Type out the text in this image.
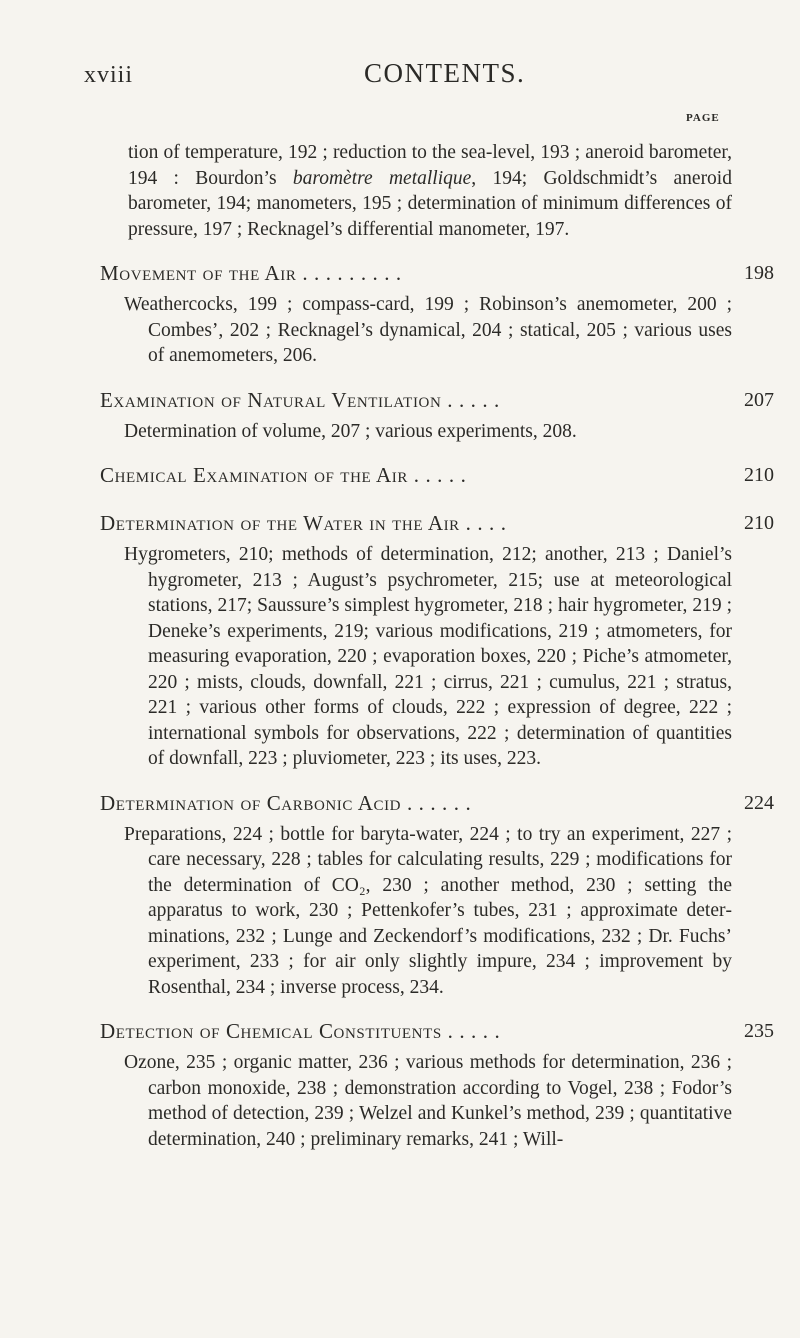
xviii	CONTENTS.
PAGE

tion of temperature, 192 ; reduction to the sea-level, 193 ; aneroid barometer, 194 : Bourdon’s baromètre metallique, 194; Goldschmidt’s aneroid barometer, 194; manometers, 195 ; determination of minimum differences of pressure, 197 ; Recknagel’s differential manometer, 197.

Movement of the Air . . . . . . . . .	198

Weathercocks, 199 ; compass-card, 199 ; Robinson’s anemometer, 200 ; Combes’, 202 ; Recknagel’s dynamical, 204 ; statical, 205 ; various uses of anemometers, 206.

Examination of Natural Ventilation . . . . .	207

Determination of volume, 207 ; various experiments, 208.

Chemical Examination of the Air . . . . .	210
Determination of the Water in the Air . . . .	210

Hygrometers, 210; methods of determination, 212; another, 213 ; Daniel’s hygrometer, 213 ; August’s psychrometer, 215; use at meteorological stations, 217; Saussure’s simplest hygrometer, 218 ; hair hygrometer, 219 ; Deneke’s experiments, 219; various modifications, 219 ; atmometers, for measuring evaporation, 220 ; evaporation boxes, 220 ; Piche’s atmometer, 220 ; mists, clouds, downfall, 221 ; cirrus, 221 ; cumulus, 221 ; stratus, 221 ; various other forms of clouds, 222 ; expression of degree, 222 ; international symbols for observations, 222 ; determination of quantities of downfall, 223 ; pluviometer, 223 ; its uses, 223.

Determination of Carbonic Acid . . . . . .	224

Preparations, 224 ; bottle for baryta-water, 224 ; to try an experiment, 227 ; care necessary, 228 ; tables for calculating results, 229 ; modifications for the determination of CO₂, 230 ; another method, 230 ; setting the apparatus to work, 230 ; Pettenkofer’s tubes, 231 ; approximate determinations, 232 ; Lunge and Zeckendorf’s modifications, 232 ; Dr. Fuchs’ experiment, 233 ; for air only slightly impure, 234 ; improvement by Rosenthal, 234 ; inverse process, 234.

Detection of Chemical Constituents . . . . .	235

Ozone, 235 ; organic matter, 236 ; various methods for determination, 236 ; carbon monoxide, 238 ; demonstration according to Vogel, 238 ; Fodor’s method of detection, 239 ; Welzel and Kunkel’s method, 239 ; quantitative determination, 240 ; preliminary remarks, 241 ; Will-
